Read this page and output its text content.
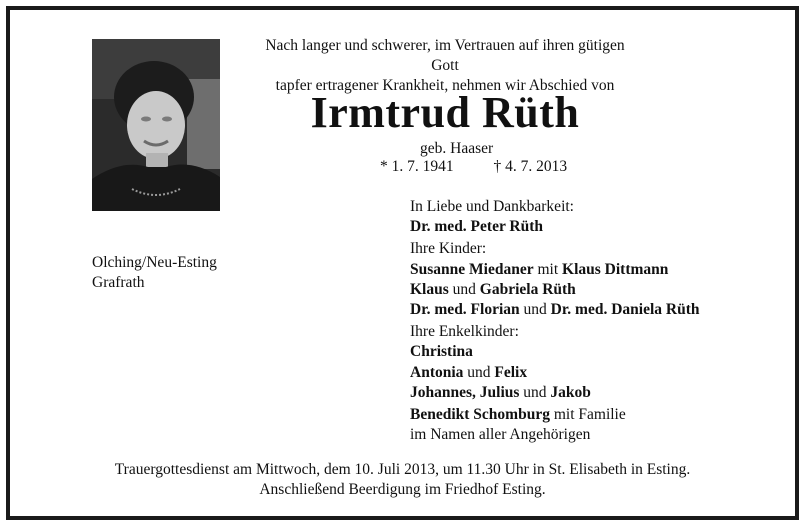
Nach langer und schwerer, im Vertrauen auf ihren gütigen Gott
tapfer ertragener Krankheit, nehmen wir Abschied von
Irmtrud Rüth
geb. Haaser
* 1. 7. 1941	† 4. 7. 2013
Olching/Neu-Esting
Grafrath
In Liebe und Dankbarkeit:
Dr. med. Peter Rüth
Ihre Kinder:
Susanne Miedaner mit Klaus Dittmann
Klaus und Gabriela Rüth
Dr. med. Florian und Dr. med. Daniela Rüth
Ihre Enkelkinder:
Christina
Antonia und Felix
Johannes, Julius und Jakob
Benedikt Schomburg mit Familie
im Namen aller Angehörigen
Trauergottesdienst am Mittwoch, dem 10. Juli 2013, um 11.30 Uhr in St. Elisabeth in Esting.
Anschließend Beerdigung im Friedhof Esting.
